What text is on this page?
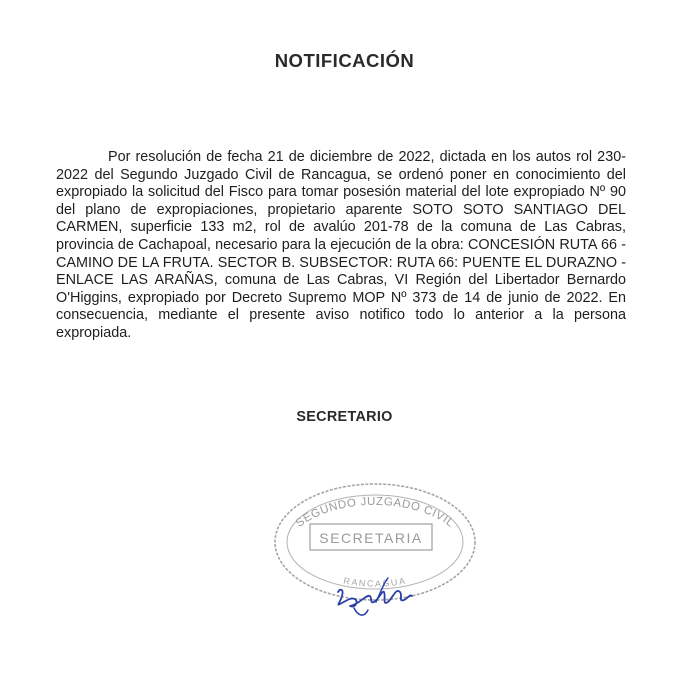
NOTIFICACIÓN

Por resolución de fecha 21 de diciembre de 2022, dictada en los autos rol 230-2022 del Segundo Juzgado Civil de Rancagua, se ordenó poner en conocimiento del expropiado la solicitud del Fisco para tomar posesión material del lote expropiado Nº 90 del plano de expropiaciones, propietario aparente SOTO SOTO SANTIAGO DEL CARMEN, superficie 133 m2, rol de avalúo 201-78 de la comuna de Las Cabras, provincia de Cachapoal, necesario para la ejecución de la obra: CONCESIÓN RUTA 66 - CAMINO DE LA FRUTA. SECTOR B. SUBSECTOR: RUTA 66: PUENTE EL DURAZNO - ENLACE LAS ARAÑAS, comuna de Las Cabras, VI Región del Libertador Bernardo O'Higgins, expropiado por Decreto Supremo MOP Nº 373 de 14 de junio de 2022. En consecuencia, mediante el presente aviso notifico todo lo anterior a la persona expropiada.

SECRETARIO
SEGUNDO JUZGADO CIVIL
SECRETARIA
RANCAGUA
